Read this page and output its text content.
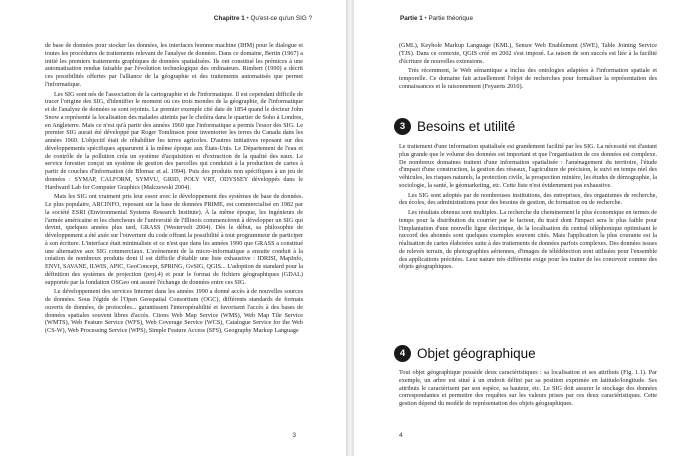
Chapitre 1 • Qu'est-ce qu'un SIG ?

de base de données pour stocker les données, les interfaces homme machine (IHM) pour le dialogue et toutes les procédures de traitements relevant de l'analyse de données. Dans ce domaine, Bertin (1967) a initié les premiers traitements graphiques de données spatialisées. Ils ont constitué les prémices à une automatisation rendue faisable par l'évolution technologique des ordinateurs. Rimbert (1990) a décrit ces possibilités offertes par l'alliance de la géographie et des traitements automatisés que permet l'informatique.

Les SIG sont nés de l'association de la cartographie et de l'informatique. Il est cependant difficile de tracer l'origine des SIG, d'identifier le moment où ces trois mondes de la géographie, de l'informatique et de l'analyse de données se sont rejoints. Le premier exemple cité date de 1854 quand le docteur John Snow a représenté la localisation des malades atteints par le choléra dans le quartier de Soho à Londres, en Angleterre. Mais ce n'est qu'à partir des années 1960 que l'informatique a permis l'essor des SIG. Le premier SIG aurait été développé par Roger Tomlinson pour inventorier les terres du Canada dans les années 1960. L'objectif était de réhabiliter les terres agricoles. D'autres initiatives reposant sur des développements spécifiques apparurent à la même époque aux États-Unis. Le Département de l'eau et de contrôle de la pollution créa un système d'acquisition et d'extraction de la qualité des eaux. Le service forestier conçut un système de gestion des parcelles qui conduisit à la production de cartes à partir de couches d'information (de Blomac et al. 1994). Puis des produits non spécifiques à un jeu de données : SYMAP, CALFORM, SYMVU, GRID, POLY VRT, ODYSSEY développés dans le Hardward Lab for Computer Graphics (Malczewski 2004).

Mais les SIG ont vraiment pris leur essor avec le développement des systèmes de base de données. Le plus populaire, ARCINFO, reposant sur la base de données PRIME, est commercialisé en 1982 par la société ESRI (Environmental Systems Research Institute). À la même époque, les ingénieurs de l'armée américaine et les chercheurs de l'université de l'Illinois commencèrent à développer un SIG qui devint, quelques années plus tard, GRASS (Westervelt 2004). Dès le début, sa philosophie de développement a été axée sur l'ouverture du code offrant la possibilité à tout programmeur de participer à son écriture. L'interface était minimaliste et ce n'est que dans les années 1990 que GRASS a constitué une alternative aux SIG commerciaux. L'avènement de la micro-informatique a ensuite conduit à la création de nombreux produits dont il est difficile d'établir une liste exhaustive : IDRISI, MapInfo, ENVI, SAVANE, ILWIS, APIC, GeoConcept, SPRING, GvSIG, QGIS... L'adoption de standard pour la définition des systèmes de projection (proj.4) et pour le format de fichiers géographiques (GDAL) supportés par la fondation OSGeo ont assuré l'échange de données entre ces SIG.

Le développement des services Internet dans les années 1990 a donné accès à de nouvelles sources de données. Sous l'égide de l'Open Geospatial Consortium (OGC), différents standards de formats ouverts de données, de protocoles... garantissent l'interopérabilité et favorisent l'accès à des bases de données spatiales souvent libres d'accès. Citons Web Map Service (WMS), Web Map Tile Service (WMTS), Web Feature Service (WFS), Web Coverage Service (WCS), Catalogue Service for the Web (CS-W), Web Processing Service (WPS), Simple Feature Access (SFS), Geography Markup Language

3
Partie 1 • Partie théorique

(GML), Keyhole Markup Language (KML), Sensor Web Enablement (SWE), Table Joining Service (TJS). Dans ce contexte, QGIS créé en 2002 s'est imposé. La raison de son succès est liée à la facilité d'écriture de nouvelles extensions.

Très récemment, le Web sémantique a inclus des ontologies adaptées à l'information spatiale et temporelle. Ce domaine fait actuellement l'objet de recherches pour formaliser la représentation des connaissances et le raisonnement (Feyaerts 2010).

3 Besoins et utilité

Le traitement d'une information spatialisée est grandement facilité par les SIG. La nécessité est d'autant plus grande que le volume des données est important et que l'organisation de ces données est complexe. De nombreux domaines traitent d'une information spatialisée : l'aménagement du territoire, l'étude d'impact d'une construction, la gestion des réseaux, l'agriculture de précision, le suivi en temps réel des véhicules, les risques naturels, la protection civile, la prospection minière, les études de démographie, la sociologie, la santé, le géomarketing, etc. Cette liste n'est évidemment pas exhaustive.

Les SIG sont adoptés par de nombreuses institutions, des entreprises, des organismes de recherche, des écoles, des administrations pour des besoins de gestion, de formation ou de recherche.

Les résultats obtenus sont multiples. La recherche du cheminement le plus économique en termes de temps pour la distribution du courrier par le facteur, du tracé dont l'impact sera le plus faible pour l'implantation d'une nouvelle ligne électrique, de la localisation du central téléphonique optimisant le raccord des abonnés sont quelques exemples souvent cités. Mais l'application la plus courante est la réalisation de cartes élaborées suite à des traitements de données parfois complexes. Des données issues de relevés terrain, de photographies aériennes, d'images de télédétection sont utilisées pour l'ensemble des applications précitées. Leur nature très différente exige pour les traiter de les concevoir comme des objets géographiques.

4 Objet géographique

Tout objet géographique possède deux caractéristiques : sa localisation et ses attributs (Fig. 1.1). Par exemple, un arbre est situé à un endroit défini par sa position exprimée en latitude/longitude. Ses attributs le caractérisent par son espèce, sa hauteur, etc. Le SIG doit assurer le stockage des données correspondantes et permettre des requêtes sur les valeurs prises par ces deux caractéristiques. Cette gestion dépend du modèle de représentation des objets géographiques.

4
